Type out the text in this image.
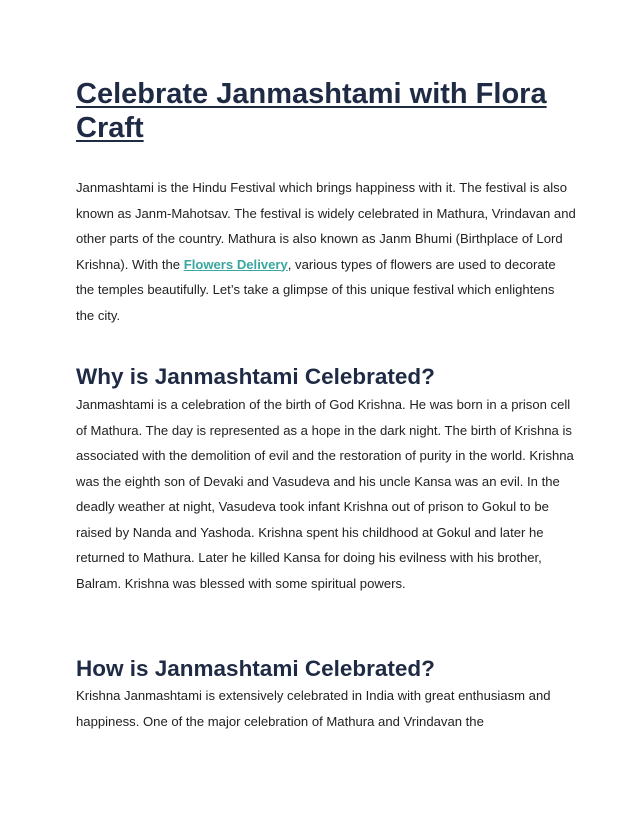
Celebrate Janmashtami with Flora Craft

Janmashtami is the Hindu Festival which brings happiness with it. The festival is also known as Janm-Mahotsav. The festival is widely celebrated in Mathura, Vrindavan and other parts of the country. Mathura is also known as Janm Bhumi (Birthplace of Lord Krishna). With the Flowers Delivery, various types of flowers are used to decorate the temples beautifully. Let’s take a glimpse of this unique festival which enlightens the city.

Why is Janmashtami Celebrated?

Janmashtami is a celebration of the birth of God Krishna. He was born in a prison cell of Mathura. The day is represented as a hope in the dark night. The birth of Krishna is associated with the demolition of evil and the restoration of purity in the world. Krishna was the eighth son of Devaki and Vasudeva and his uncle Kansa was an evil. In the deadly weather at night, Vasudeva took infant Krishna out of prison to Gokul to be raised by Nanda and Yashoda. Krishna spent his childhood at Gokul and later he returned to Mathura. Later he killed Kansa for doing his evilness with his brother, Balram. Krishna was blessed with some spiritual powers.

How is Janmashtami Celebrated?

Krishna Janmashtami is extensively celebrated in India with great enthusiasm and happiness. One of the major celebration of Mathura and Vrindavan the
